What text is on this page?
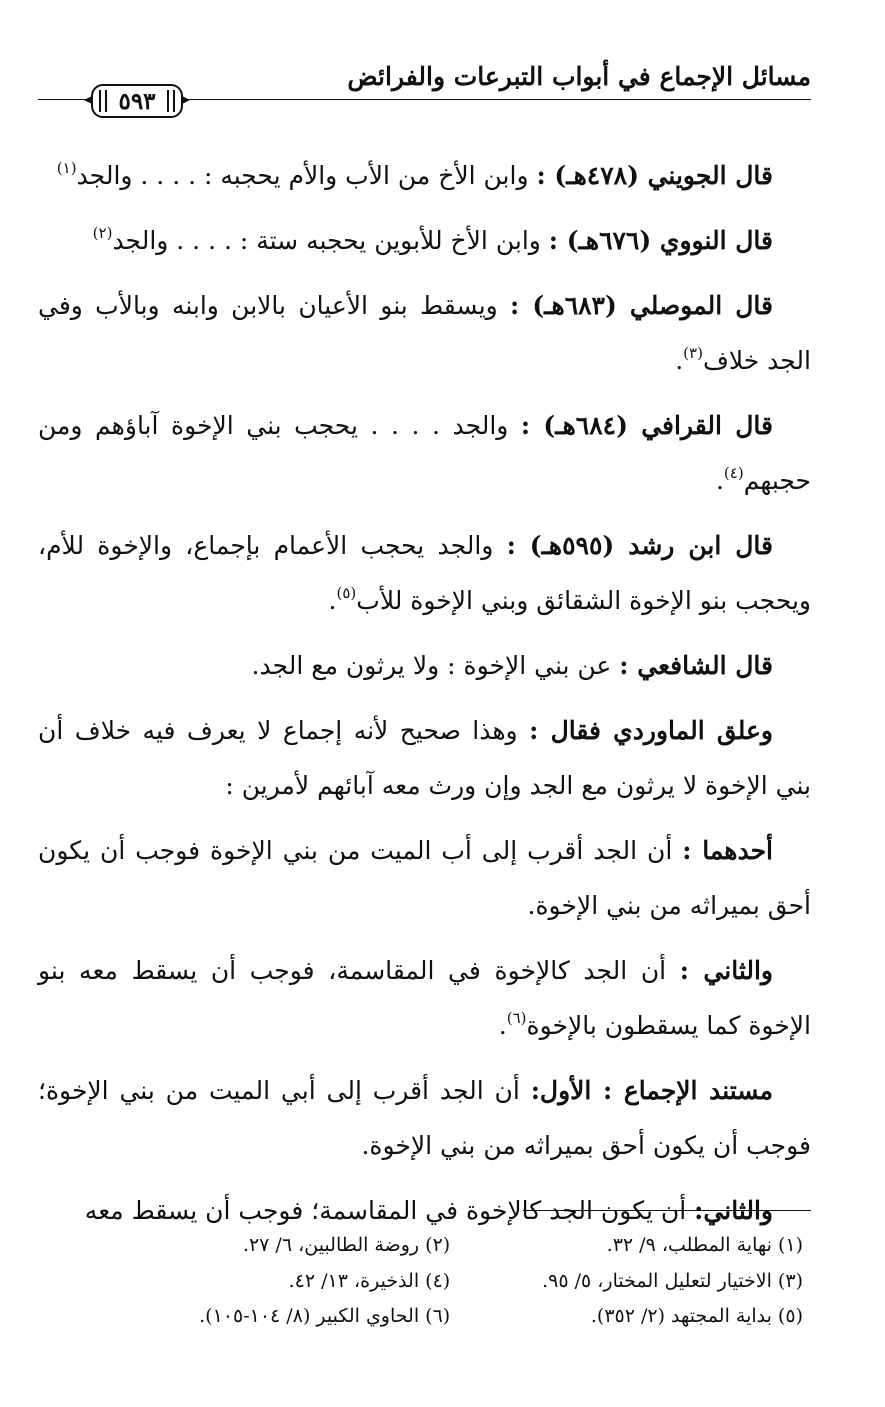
مسائل الإجماع في أبواب التبرعات والفرائض
٥٩٣

قال الجويني (٤٧٨هـ) : وابن الأخ من الأب والأم يحجبه : . . . . والجد$^{(١)}$

قال النووي (٦٧٦هـ) : وابن الأخ للأبوين يحجبه ستة : . . . . والجد$^{(٢)}$

قال الموصلي (٦٨٣هـ) : ويسقط بنو الأعيان بالابن وابنه وبالأب وفي الجد خلاف$^{(٣)}$.

قال القرافي (٦٨٤هـ) : والجد . . . . يحجب بني الإخوة آباؤهم ومن حجبهم$^{(٤)}$.

قال ابن رشد (٥٩٥هـ) : والجد يحجب الأعمام بإجماع، والإخوة للأم، ويحجب بنو الإخوة الشقائق وبني الإخوة للأب$^{(٥)}$.

قال الشافعي : عن بني الإخوة : ولا يرثون مع الجد.

وعلق الماوردي فقال : وهذا صحيح لأنه إجماع لا يعرف فيه خلاف أن بني الإخوة لا يرثون مع الجد وإن ورث معه آبائهم لأمرين :

أحدهما : أن الجد أقرب إلى أب الميت من بني الإخوة فوجب أن يكون أحق بميراثه من بني الإخوة.

والثاني : أن الجد كالإخوة في المقاسمة، فوجب أن يسقط معه بنو الإخوة كما يسقطون بالإخوة$^{(٦)}$.

مستند الإجماع : الأول: أن الجد أقرب إلى أبي الميت من بني الإخوة؛ فوجب أن يكون أحق بميراثه من بني الإخوة.

والثاني: أن يكون الجد كالإخوة في المقاسمة؛ فوجب أن يسقط معه

(١) نهاية المطلب، ٩/ ٣٢.
(٣) الاختيار لتعليل المختار، ٥/ ٩٥.
(٥) بداية المجتهد (٢/ ٣٥٢).
(٢) روضة الطالبين، ٦/ ٢٧.
(٤) الذخيرة، ١٣/ ٤٢.
(٦) الحاوي الكبير (٨/ ١٠٤-١٠٥).
